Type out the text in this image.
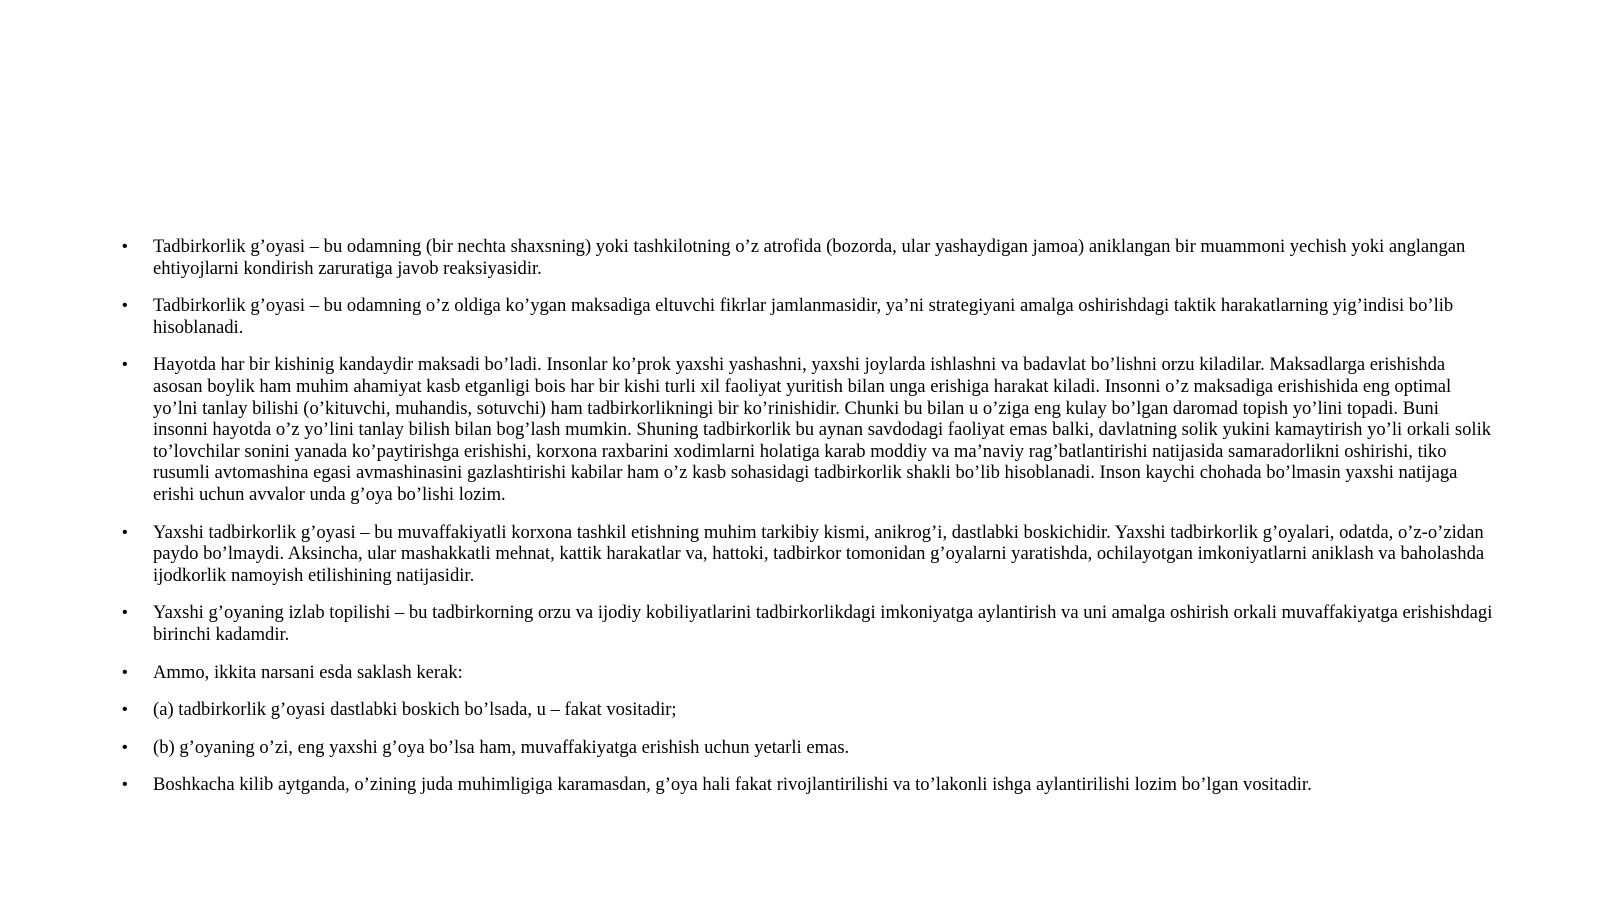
• Tadbirkorlik g’oyasi – bu odamning (bir nechta shaxsning) yoki tashkilotning o’z atrofida (bozorda, ular yashaydigan jamoa) aniklangan bir muammoni yechish yoki anglangan ehtiyojlarni kondirish zaruratiga javob reaksiyasidir.
• Tadbirkorlik g’oyasi – bu odamning o’z oldiga ko’ygan maksadiga eltuvchi fikrlar jamlanmasidir, ya’ni strategiyani amalga oshirishdagi taktik harakatlarning yig’indisi bo’lib hisoblanadi.
• Hayotda har bir kishinig kandaydir maksadi bo’ladi. Insonlar ko’prok yaxshi yashashni, yaxshi joylarda ishlashni va badavlat bo’lishni orzu kiladilar. Maksadlarga erishishda asosan boylik ham muhim ahamiyat kasb etganligi bois har bir kishi turli xil faoliyat yuritish bilan unga erishiga harakat kiladi. Insonni o’z maksadiga erishishida eng optimal yo’lni tanlay bilishi (o’kituvchi, muhandis, sotuvchi) ham tadbirkorlikningi bir ko’rinishidir. Chunki bu bilan u o’ziga eng kulay bo’lgan daromad topish yo’lini topadi. Buni insonni hayotda o’z yo’lini tanlay bilish bilan bog’lash mumkin. Shuning tadbirkorlik bu aynan savdodagi faoliyat emas balki, davlatning solik yukini kamaytirish yo’li orkali solik to’lovchilar sonini yanada ko’paytirishga erishishi, korxona raxbarini xodimlarni holatiga karab moddiy va ma’naviy rag’batlantirishi natijasida samaradorlikni oshirishi, tiko rusumli avtomashina egasi avmashinasini gazlashtirishi kabilar ham o’z kasb sohasidagi tadbirkorlik shakli bo’lib hisoblanadi. Inson kaychi chohada bo’lmasin yaxshi natijaga erishi uchun avvalor unda g’oya bo’lishi lozim.
• Yaxshi tadbirkorlik g’oyasi – bu muvaffakiyatli korxona tashkil etishning muhim tarkibiy kismi, anikrog’i, dastlabki boskichidir. Yaxshi tadbirkorlik g’oyalari, odatda, o’z-o’zidan paydo bo’lmaydi. Aksincha, ular mashakkatli mehnat, kattik harakatlar va, hattoki, tadbirkor tomonidan g’oyalarni yaratishda, ochilayotgan imkoniyatlarni aniklash va baholashda ijodkorlik namoyish etilishining natijasidir.
• Yaxshi g’oyaning izlab topilishi – bu tadbirkorning orzu va ijodiy kobiliyatlarini tadbirkorlikdagi imkoniyatga aylantirish va uni amalga oshirish orkali muvaffakiyatga erishishdagi birinchi kadamdir.
• Ammo, ikkita narsani esda saklash kerak:
• (a) tadbirkorlik g’oyasi dastlabki boskich bo’lsada, u – fakat vositadir;
• (b) g’oyaning o’zi, eng yaxshi g’oya bo’lsa ham, muvaffakiyatga erishish uchun yetarli emas.
• Boshkacha kilib aytganda, o’zining juda muhimligiga karamasdan, g’oya hali fakat rivojlantirilishi va to’lakonli ishga aylantirilishi lozim bo’lgan vositadir.
